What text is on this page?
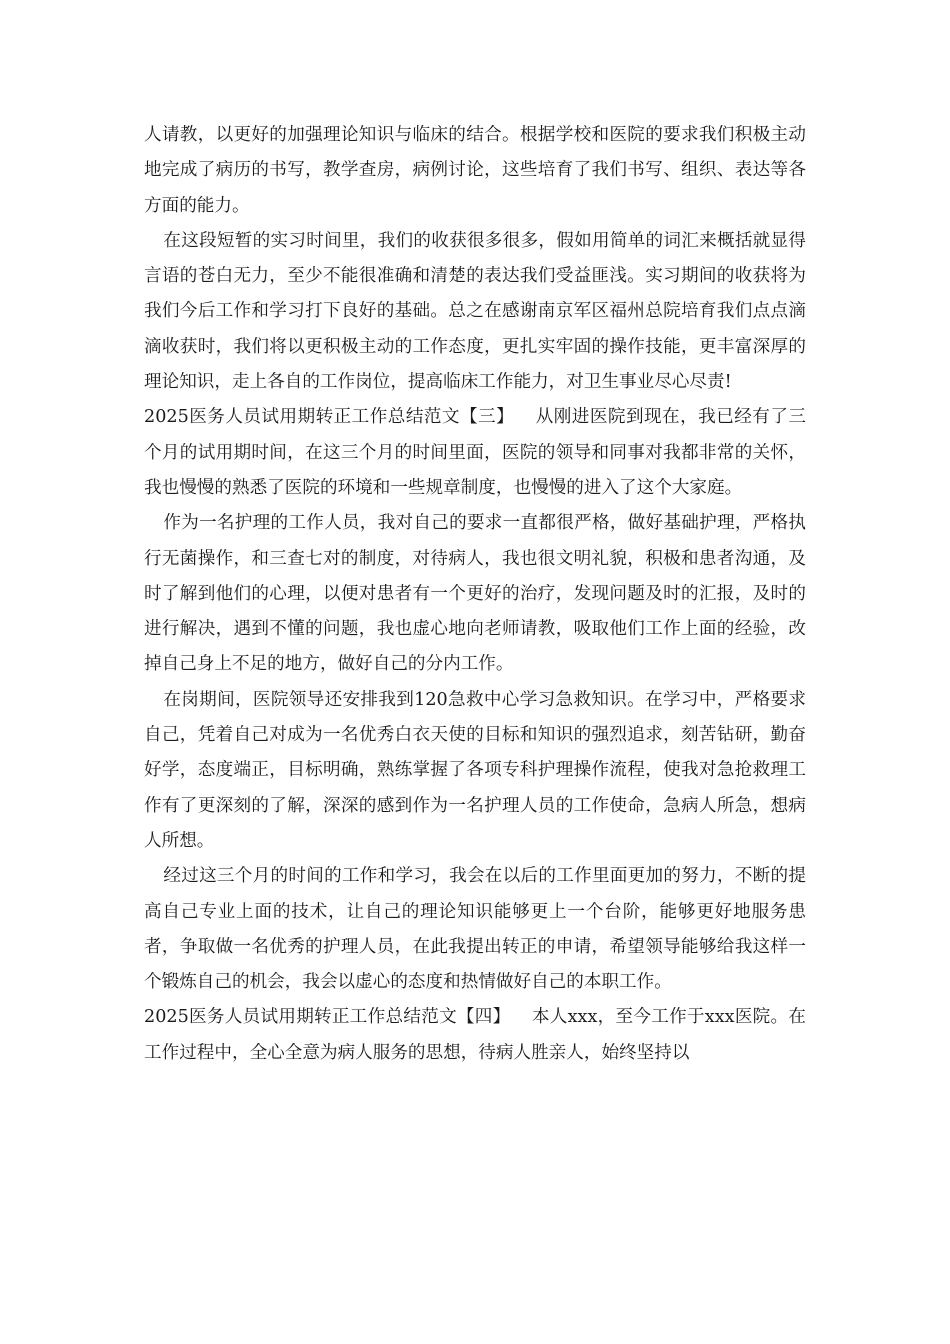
人请教，以更好的加强理论知识与临床的结合。根据学校和医院的要求我们积极主动地完成了病历的书写，教学查房，病例讨论，这些培育了我们书写、组织、表达等各方面的能力。

在这段短暂的实习时间里，我们的收获很多很多，假如用简单的词汇来概括就显得言语的苍白无力，至少不能很准确和清楚的表达我们受益匪浅。实习期间的收获将为我们今后工作和学习打下良好的基础。总之在感谢南京军区福州总院培育我们点点滴滴收获时，我们将以更积极主动的工作态度，更扎实牢固的操作技能，更丰富深厚的理论知识，走上各自的工作岗位，提高临床工作能力，对卫生事业尽心尽责!

2025医务人员试用期转正工作总结范文【三】 从刚进医院到现在，我已经有了三个月的试用期时间，在这三个月的时间里面，医院的领导和同事对我都非常的关怀，我也慢慢的熟悉了医院的环境和一些规章制度，也慢慢的进入了这个大家庭。

作为一名护理的工作人员，我对自己的要求一直都很严格，做好基础护理，严格执行无菌操作，和三查七对的制度，对待病人，我也很文明礼貌，积极和患者沟通，及时了解到他们的心理，以便对患者有一个更好的治疗，发现问题及时的汇报，及时的进行解决，遇到不懂的问题，我也虚心地向老师请教，吸取他们工作上面的经验，改掉自己身上不足的地方，做好自己的分内工作。

在岗期间，医院领导还安排我到120急救中心学习急救知识。在学习中，严格要求自己，凭着自己对成为一名优秀白衣天使的目标和知识的强烈追求，刻苦钻研，勤奋好学，态度端正，目标明确，熟练掌握了各项专科护理操作流程，使我对急抢救理工作有了更深刻的了解，深深的感到作为一名护理人员的工作使命，急病人所急，想病人所想。

经过这三个月的时间的工作和学习，我会在以后的工作里面更加的努力，不断的提高自己专业上面的技术，让自己的理论知识能够更上一个台阶，能够更好地服务患者，争取做一名优秀的护理人员，在此我提出转正的申请，希望领导能够给我这样一个锻炼自己的机会，我会以虚心的态度和热情做好自己的本职工作。

2025医务人员试用期转正工作总结范文【四】 本人xxx，至今工作于xxx医院。在工作过程中，全心全意为病人服务的思想，待病人胜亲人，始终坚持以
